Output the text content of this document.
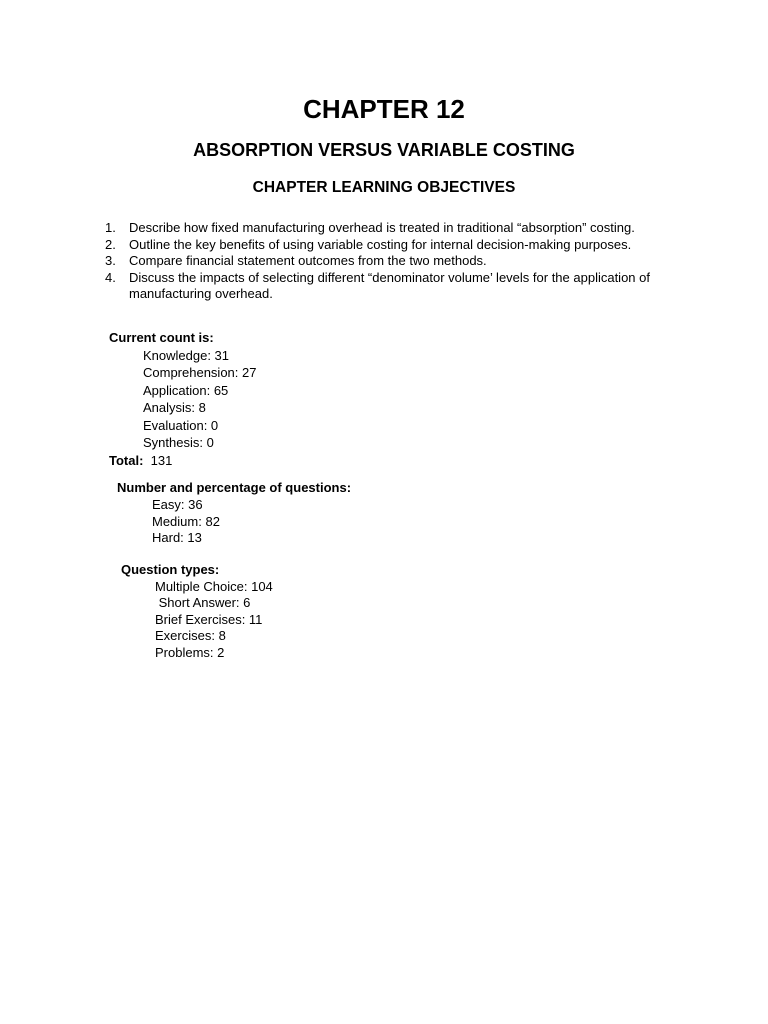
CHAPTER 12
ABSORPTION VERSUS VARIABLE COSTING
CHAPTER LEARNING OBJECTIVES
1. Describe how fixed manufacturing overhead is treated in traditional “absorption” costing.
2. Outline the key benefits of using variable costing for internal decision-making purposes.
3. Compare financial statement outcomes from the two methods.
4. Discuss the impacts of selecting different “denominator volume’ levels for the application of manufacturing overhead.
Current count is:
Knowledge: 31
Comprehension: 27
Application: 65
Analysis: 8
Evaluation: 0
Synthesis: 0
Total: 131
Number and percentage of questions:
Easy: 36
Medium: 82
Hard: 13
Question types:
Multiple Choice: 104
Short Answer: 6
Brief Exercises: 11
Exercises: 8
Problems: 2
